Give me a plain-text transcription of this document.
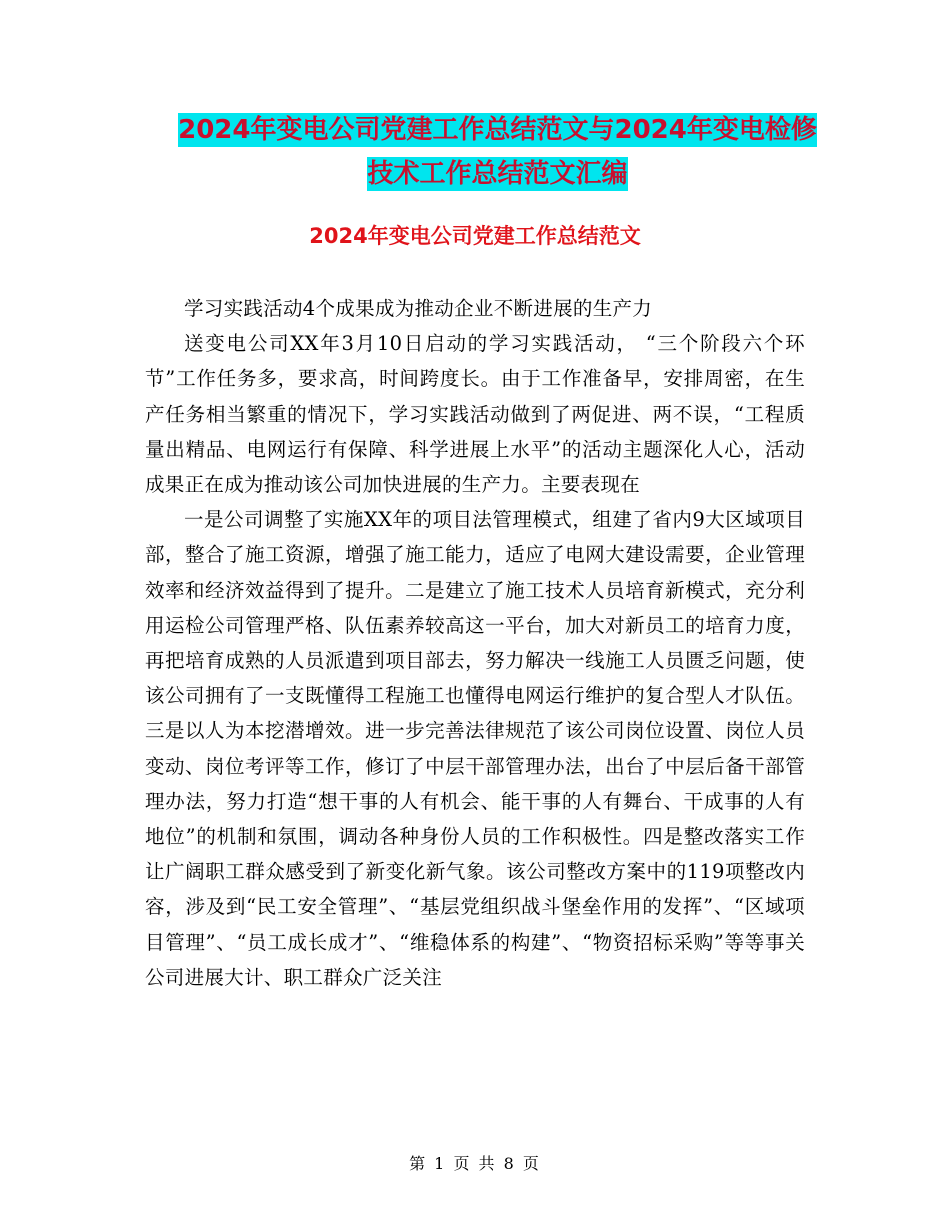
2024年变电公司党建工作总结范文与2024年变电检修
技术工作总结范文汇编
2024年变电公司党建工作总结范文

学习实践活动4个成果成为推动企业不断进展的生产力

送变电公司XX年3月10日启动的学习实践活动， “三个阶段六个环节”工作任务多，要求高，时间跨度长。由于工作准备早，安排周密，在生产任务相当繁重的情况下，学习实践活动做到了两促进、两不误，“工程质量出精品、电网运行有保障、科学进展上水平”的活动主题深化人心，活动成果正在成为推动该公司加快进展的生产力。主要表现在

一是公司调整了实施XX年的项目法管理模式，组建了省内9大区域项目部，整合了施工资源，增强了施工能力，适应了电网大建设需要，企业管理效率和经济效益得到了提升。二是建立了施工技术人员培育新模式，充分利用运检公司管理严格、队伍素养较高这一平台，加大对新员工的培育力度，再把培育成熟的人员派遣到项目部去，努力解决一线施工人员匮乏问题，使该公司拥有了一支既懂得工程施工也懂得电网运行维护的复合型人才队伍。三是以人为本挖潜增效。进一步完善法律规范了该公司岗位设置、岗位人员变动、岗位考评等工作，修订了中层干部管理办法，出台了中层后备干部管理办法，努力打造“想干事的人有机会、能干事的人有舞台、干成事的人有地位”的机制和氛围，调动各种身份人员的工作积极性。四是整改落实工作让广阔职工群众感受到了新变化新气象。该公司整改方案中的119项整改内容，涉及到“民工安全管理”、“基层党组织战斗堡垒作用的发挥”、“区域项目管理”、“员工成长成才”、“维稳体系的构建”、“物资招标采购”等等事关公司进展大计、职工群众广泛关注

第 1 页 共 8 页
